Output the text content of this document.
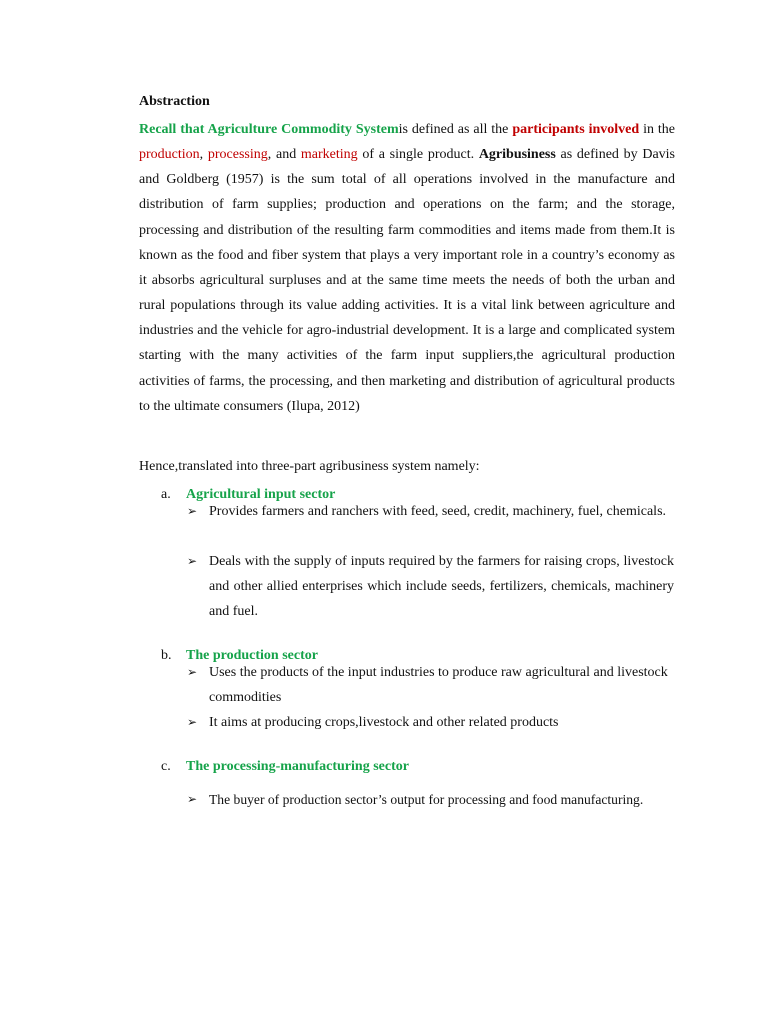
Abstraction

Recall that Agriculture Commodity Systemis defined as all the participants involved in the production, processing, and marketing of a single product. Agribusiness as defined by Davis and Goldberg (1957) is the sum total of all operations involved in the manufacture and distribution of farm supplies; production and operations on the farm; and the storage, processing and distribution of the resulting farm commodities and items made from them.It is known as the food and fiber system that plays a very important role in a country’s economy as it absorbs agricultural surpluses and at the same time meets the needs of both the urban and rural populations through its value adding activities. It is a vital link between agriculture and industries and the vehicle for agro-industrial development. It is a large and complicated system starting with the many activities of the farm input suppliers,the agricultural production activities of farms, the processing, and then marketing and distribution of agricultural products to the ultimate consumers (Ilupa, 2012)

Hence,translated into three-part agribusiness system namely:
a. Agricultural input sector
➢ Provides farmers and ranchers with feed, seed, credit, machinery, fuel, chemicals.
➢ Deals with the supply of inputs required by the farmers for raising crops, livestock and other allied enterprises which include seeds, fertilizers, chemicals, machinery and fuel.
b. The production sector
➢ Uses the products of the input industries to produce raw agricultural and livestock commodities
➢ It aims at producing crops,livestock and other related products
c. The processing-manufacturing sector
➢ The buyer of production sector’s output for processing and food manufacturing.
